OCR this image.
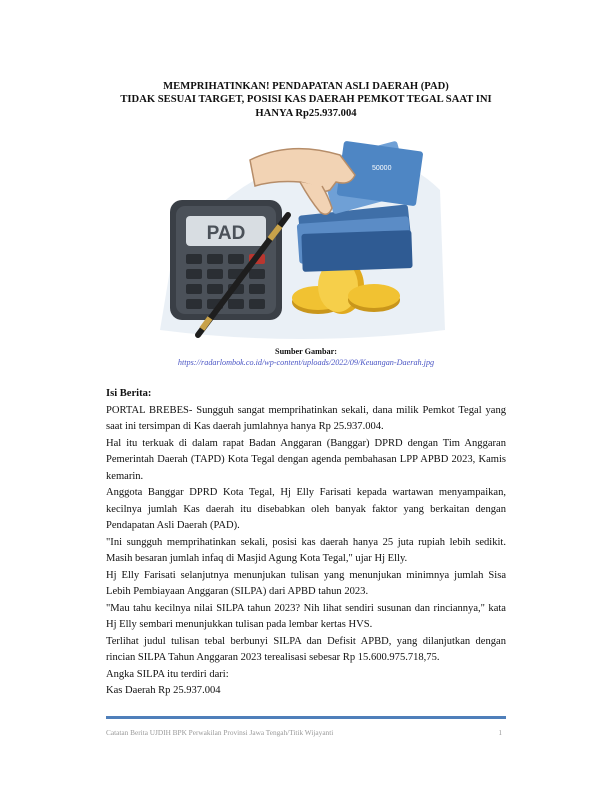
MEMPRIHATINKAN! PENDAPATAN ASLI DAERAH (PAD)
TIDAK SESUAI TARGET, POSISI KAS DAERAH PEMKOT TEGAL SAAT INI
HANYA Rp25.937.004
PAD
50000
Sumber Gambar:
https://radarlombok.co.id/wp-content/uploads/2022/09/Keuangan-Daerah.jpg
Isi Berita:

PORTAL BREBES- Sungguh sangat memprihatinkan sekali, dana milik Pemkot Tegal yang saat ini tersimpan di Kas daerah jumlahnya hanya Rp 25.937.004.

Hal itu terkuak di dalam rapat Badan Anggaran (Banggar) DPRD dengan Tim Anggaran Pemerintah Daerah (TAPD) Kota Tegal dengan agenda pembahasan LPP APBD 2023, Kamis kemarin.

Anggota Banggar DPRD Kota Tegal, Hj Elly Farisati kepada wartawan menyampaikan, kecilnya jumlah Kas daerah itu disebabkan oleh banyak faktor yang berkaitan dengan Pendapatan Asli Daerah (PAD).

"Ini sungguh memprihatinkan sekali, posisi kas daerah hanya 25 juta rupiah lebih sedikit. Masih besaran jumlah infaq di Masjid Agung Kota Tegal," ujar Hj Elly.

Hj Elly Farisati selanjutnya menunjukan tulisan yang menunjukan minimnya jumlah Sisa Lebih Pembiayaan Anggaran (SILPA) dari APBD tahun 2023.

"Mau tahu kecilnya nilai SILPA tahun 2023? Nih lihat sendiri susunan dan rinciannya," kata Hj Elly sembari menunjukkan tulisan pada lembar kertas HVS.

Terlihat judul tulisan tebal berbunyi SILPA dan Defisit APBD, yang dilanjutkan dengan rincian SILPA Tahun Anggaran 2023 terealisasi sebesar Rp 15.600.975.718,75.

Angka SILPA itu terdiri dari:

Kas Daerah Rp 25.937.004

Catatan Berita UJDIH BPK Perwakilan Provinsi Jawa Tengah/Titik Wijayanti	1
